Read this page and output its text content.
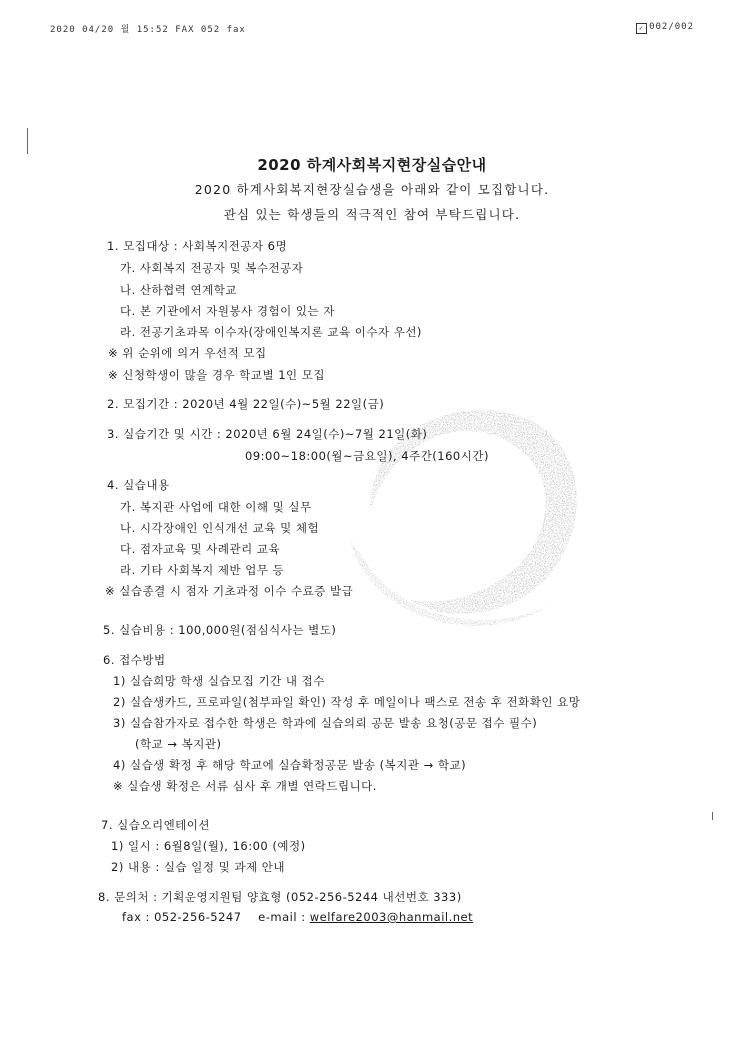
2020 04/20 월 15:52 FAX 052 fax	✓ 002/002
2020 하계사회복지현장실습안내
2020 하계사회복지현장실습생을 아래와 같이 모집합니다.
관심 있는 학생들의 적극적인 참여 부탁드립니다.
1. 모집대상 : 사회복지전공자 6명
가. 사회복지 전공자 및 복수전공자
나. 산하협력 연계학교
다. 본 기관에서 자원봉사 경험이 있는 자
라. 전공기초과목 이수자(장애인복지론 교육 이수자 우선)
※ 위 순위에 의거 우선적 모집
※ 신청학생이 많을 경우 학교별 1인 모집
2. 모집기간 : 2020년 4월 22일(수)~5월 22일(금)
3. 실습기간 및 시간 : 2020년 6월 24일(수)~7월 21일(화)
09:00~18:00(월~금요일), 4주간(160시간)
4. 실습내용
가. 복지관 사업에 대한 이해 및 실무
나. 시각장애인 인식개선 교육 및 체험
다. 점자교육 및 사례관리 교육
라. 기타 사회복지 제반 업무 등
※ 실습종결 시 점자 기초과정 이수 수료증 발급
5. 실습비용 : 100,000원(점심식사는 별도)
6. 접수방법
1) 실습희망 학생 실습모집 기간 내 접수
2) 실습생카드, 프로파일(첨부파일 확인) 작성 후 메일이나 팩스로 전송 후 전화확인 요망
3) 실습참가자로 접수한 학생은 학과에 실습의뢰 공문 발송 요청(공문 접수 필수)
(학교 → 복지관)
4) 실습생 확정 후 해당 학교에 실습확정공문 발송 (복지관 → 학교)
※ 실습생 확정은 서류 심사 후 개별 연락드립니다.
7. 실습오리엔테이션
1) 일시 : 6월8일(월), 16:00 (예정)
2) 내용 : 실습 일정 및 과제 안내
8. 문의처 : 기획운영지원팀 양효형 (052-256-5244 내선번호 333)
fax : 052-256-5247    e-mail : welfare2003@hanmail.net
